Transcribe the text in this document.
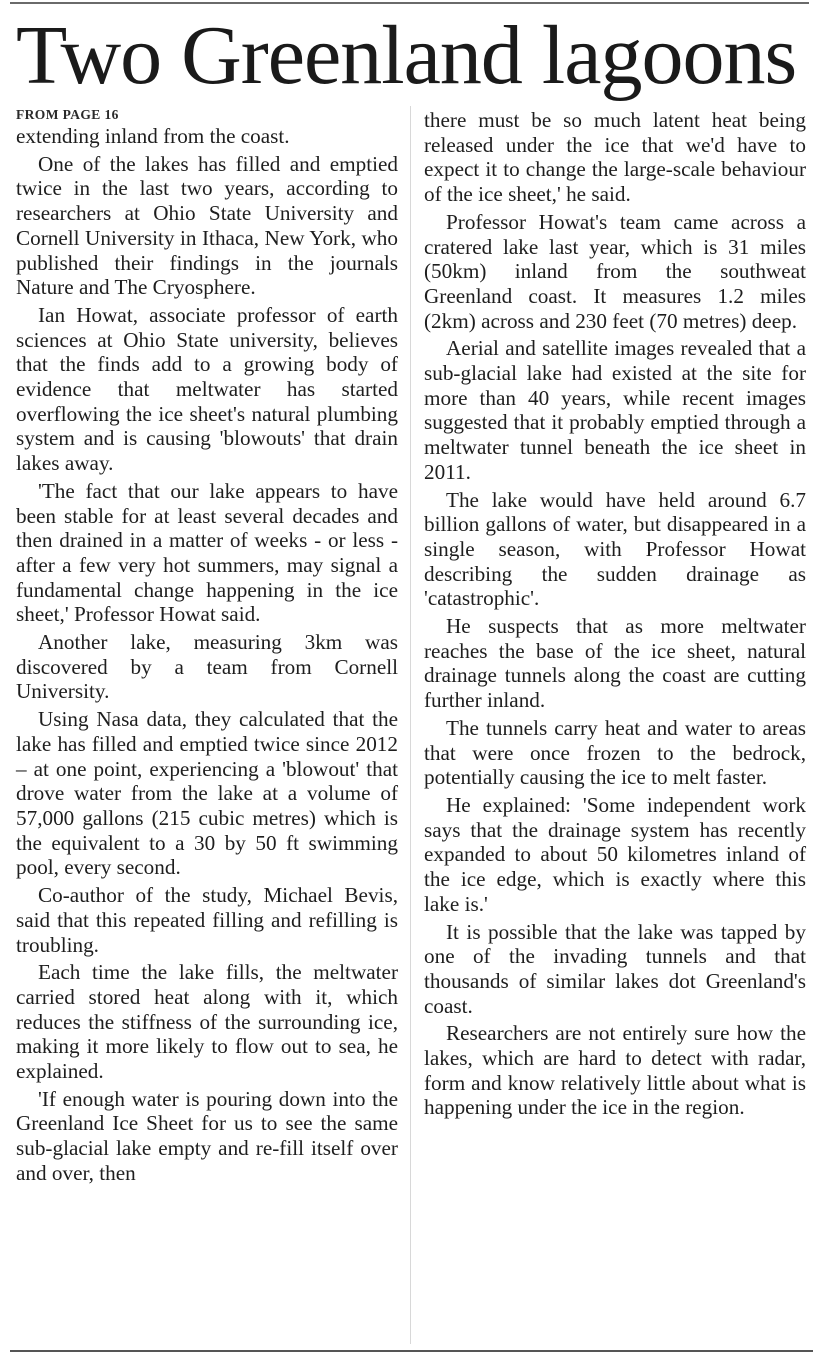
Two Greenland lagoons
FROM PAGE 16

extending inland from the coast.

One of the lakes has filled and emptied twice in the last two years, according to researchers at Ohio State University and Cornell University in Ithaca, New York, who published their findings in the journals Nature and The Cryosphere.

Ian Howat, associate professor of earth sciences at Ohio State university, believes that the finds add to a growing body of evidence that meltwater has started overflowing the ice sheet's natural plumbing system and is causing 'blowouts' that drain lakes away.

'The fact that our lake appears to have been stable for at least several decades and then drained in a matter of weeks - or less - after a few very hot summers, may signal a fundamental change happening in the ice sheet,' Professor Howat said.

Another lake, measuring 3km was discovered by a team from Cornell University.

Using Nasa data, they calculated that the lake has filled and emptied twice since 2012 – at one point, experiencing a 'blowout' that drove water from the lake at a volume of 57,000 gallons (215 cubic metres) which is the equivalent to a 30 by 50 ft swimming pool, every second.

Co-author of the study, Michael Bevis, said that this repeated filling and refilling is troubling.

Each time the lake fills, the meltwater carried stored heat along with it, which reduces the stiffness of the surrounding ice, making it more likely to flow out to sea, he explained.

'If enough water is pouring down into the Greenland Ice Sheet for us to see the same sub-glacial lake empty and re-fill itself over and over, then

there must be so much latent heat being released under the ice that we'd have to expect it to change the large-scale behaviour of the ice sheet,' he said.

Professor Howat's team came across a cratered lake last year, which is 31 miles (50km) inland from the southweat Greenland coast. It measures 1.2 miles (2km) across and 230 feet (70 metres) deep.

Aerial and satellite images revealed that a sub-glacial lake had existed at the site for more than 40 years, while recent images suggested that it probably emptied through a meltwater tunnel beneath the ice sheet in 2011.

The lake would have held around 6.7 billion gallons of water, but disappeared in a single season, with Professor Howat describing the sudden drainage as 'catastrophic'.

He suspects that as more meltwater reaches the base of the ice sheet, natural drainage tunnels along the coast are cutting further inland.

The tunnels carry heat and water to areas that were once frozen to the bedrock, potentially causing the ice to melt faster.

He explained: 'Some independent work says that the drainage system has recently expanded to about 50 kilometres inland of the ice edge, which is exactly where this lake is.'

It is possible that the lake was tapped by one of the invading tunnels and that thousands of similar lakes dot Greenland's coast.

Researchers are not entirely sure how the lakes, which are hard to detect with radar, form and know relatively little about what is happening under the ice in the region.
